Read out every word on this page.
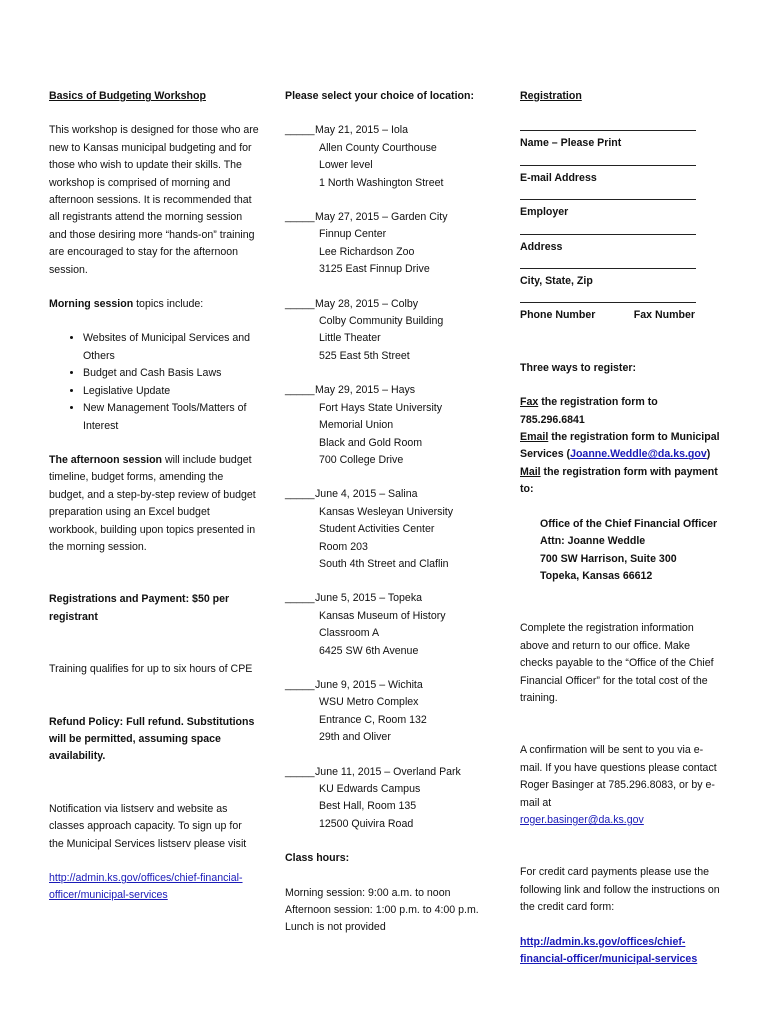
Basics of Budgeting Workshop

This workshop is designed for those who are new to Kansas municipal budgeting and for those who wish to update their skills. The workshop is comprised of morning and afternoon sessions. It is recommended that all registrants attend the morning session and those desiring more “hands-on” training are encouraged to stay for the afternoon session.

Morning session topics include:

• Websites of Municipal Services and Others
• Budget and Cash Basis Laws
• Legislative Update
• New Management Tools/Matters of Interest

The afternoon session will include budget timeline, budget forms, amending the budget, and a step-by-step review of budget preparation using an Excel budget workbook, building upon topics presented in the morning session.

Registrations and Payment: $50 per registrant

Training qualifies for up to six hours of CPE

Refund Policy: Full refund. Substitutions will be permitted, assuming space availability.

Notification via listserv and website as classes approach capacity. To sign up for the Municipal Services listserv please visit

http://admin.ks.gov/offices/chief-financial-officer/municipal-services

Please select your choice of location:

_____ May 21, 2015 – Iola

Allen County Courthouse

Lower level

1 North Washington Street

_____ May 27, 2015 – Garden City

Finnup Center

Lee Richardson Zoo

3125 East Finnup Drive

_____ May 28, 2015 – Colby

Colby Community Building

Little Theater

525 East 5th Street

_____ May 29, 2015 – Hays

Fort Hays State University

Memorial Union

Black and Gold Room

700 College Drive

_____ June 4, 2015 – Salina

Kansas Wesleyan University

Student Activities Center

Room 203

South 4th Street and Claflin

_____ June 5, 2015 – Topeka

Kansas Museum of History

Classroom A

6425 SW 6th Avenue

_____ June 9, 2015 – Wichita

WSU Metro Complex

Entrance C, Room 132

29th and Oliver

_____ June 11, 2015 – Overland Park

KU Edwards Campus

Best Hall, Room 135

12500 Quivira Road

Class hours:

Morning session: 9:00 a.m. to noon

Afternoon session: 1:00 p.m. to 4:00 p.m.

Lunch is not provided

Registration

Name – Please Print

E-mail Address

Employer

Address

City, State, Zip

Phone Number	Fax Number

Three ways to register:

Fax the registration form to 785.296.6841

Email the registration form to Municipal Services (Joanne.Weddle@da.ks.gov)

Mail the registration form with payment to:

Office of the Chief Financial Officer

Attn: Joanne Weddle

700 SW Harrison, Suite 300

Topeka, Kansas 66612

Complete the registration information above and return to our office. Make checks payable to the “Office of the Chief Financial Officer” for the total cost of the training.

A confirmation will be sent to you via e-mail. If you have questions please contact Roger Basinger at 785.296.8083, or by e-mail at

roger.basinger@da.ks.gov

For credit card payments please use the following link and follow the instructions on the credit card form:

http://admin.ks.gov/offices/chief-financial-officer/municipal-services
